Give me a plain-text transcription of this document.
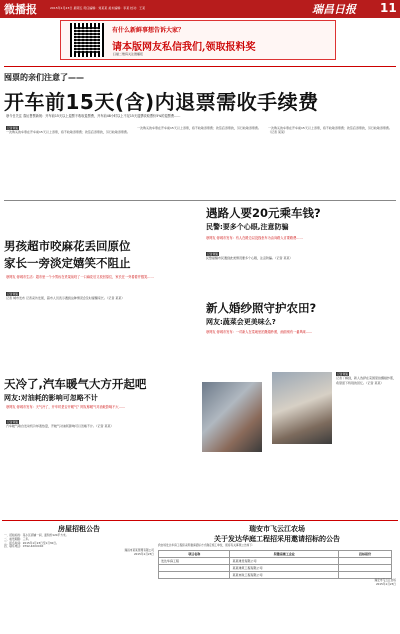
微播报	2015年1月23日 星期五 责任编辑：刘某某 美术编辑：李某 校对：王某	瑞昌日报 11
有什么新鲜事想告诉大家？
请本版网友私信我们,领取报料奖
扫描二维码关注微播报
囤票的亲们注意了——
开车前15天(含)内退票需收手续费
@今日关注 春运售票新规：开车前15天以上退票不收取退票费，开车前48小时以上不足15天退票收取票价5%的退票费……
记者调查
一次购买的车票在开车前15天以上退票，将不收取退票费；改签后退票的，另行收取退票费。
一次购买的车票在开车前15天以上退票，将不收取退票费；改签后退票的，另行收取退票费。	一次购买的车票在开车前15天以上退票，将不收取退票费；改签后退票的，另行收取退票费。
（记者 某某）
男孩超市咬麻花丢回原位
家长一旁淡定嬉笑不阻止
@网友 @城市生活：超市里一个小男孩在货架前咬了一口麻花后又放回原位，家长在一旁看着并嬉笑……
记者调查
记者 城市发布 记者采访发现，超市人员表示遇到这种情况会及时提醒家长。（记者 某某）
天冷了,汽车暖气大方开起吧
网友:对油耗的影响可忽略不计
@网友 @城市发布：天气冷了，开车时是否开暖气？网友称暖气对油耗影响不大……
记者调查
汽车暖气取自发动机冷却液热量，开暖气对油耗影响可以忽略不计。（记者 某某）
遇路人要20元乘车钱?
民警:要多个心眼,注意防骗
@网友 @城市发布：有人在路边以没钱坐车为由向路人讨要路费……
记者调查
民警提醒市民遇到此类情况要多个心眼，注意防骗。（记者 某某）
新人婚纱照守护农田?
网友:蔬菜会更美味么?
@网友 @城市发布：一对新人在菜地里拍摄婚纱照，画面别有一番风味……
记者调查
记者了解到，新人选择在菜园里拍摄婚纱照，希望留下特别的回忆。（记者 某某）
房屋招租公告
一、招租标的：某小区商铺一间，面积约120平方米。
二、租赁期限：三年。
三、报名时间：2015年1月23日至1月30日。
四、联系电话：0792-4XXXXXX
瑞昌市某某管理有限公司
2015年1月23日
瑞安市飞云江农场
关于发达华庭工程招采用邀请招标的公告
我农场发达华庭工程拟采用邀请招标方式确定施工单位，现将有关事项公告如下：
项目名称	拟邀请施工企业	投标报价
发达华庭工程	某某建设有限公司	
	某某建筑工程有限公司	
	某某市政工程有限公司	
瑞安市飞云江农场
2015年1月23日
